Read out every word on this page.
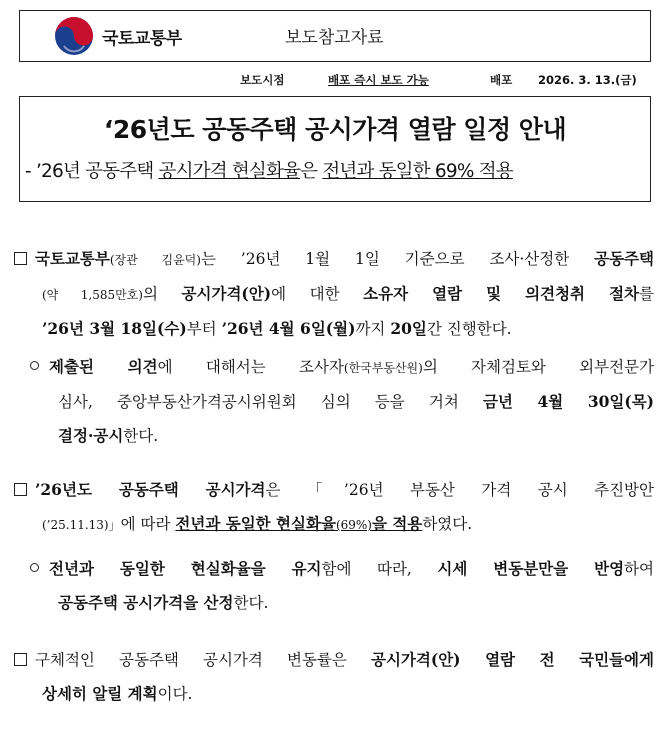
국토교통부	보도참고자료
보도시점	배포 즉시 보도 가능	배포 2026. 3. 13.(금)
‘26년도 공동주택 공시가격 열람 일정 안내
- ’26년 공동주택 공시가격 현실화율은 전년과 동일한 69% 적용
국토교통부(장관 김윤덕)는 ’26년 1월 1일 기준으로 조사·산정한 공동주택
(약 1,585만호)의 공시가격(안)에 대한 소유자 열람 및 의견청취 절차를
’26년 3월 18일(수)부터 ’26년 4월 6일(월)까지 20일간 진행한다.
제출된 의견에 대해서는 조사자(한국부동산원)의 자체검토와 외부전문가
심사, 중앙부동산가격공시위원회 심의 등을 거쳐 금년 4월 30일(목)
결정·공시한다.
’26년도 공동주택 공시가격은 「’26년 부동산 가격 공시 추진방안
(’25.11.13)」에 따라 전년과 동일한 현실화율(69%)을 적용하였다.
전년과 동일한 현실화율을 유지함에 따라, 시세 변동분만을 반영하여
공동주택 공시가격을 산정한다.
구체적인 공동주택 공시가격 변동률은 공시가격(안) 열람 전 국민들에게
상세히 알릴 계획이다.
